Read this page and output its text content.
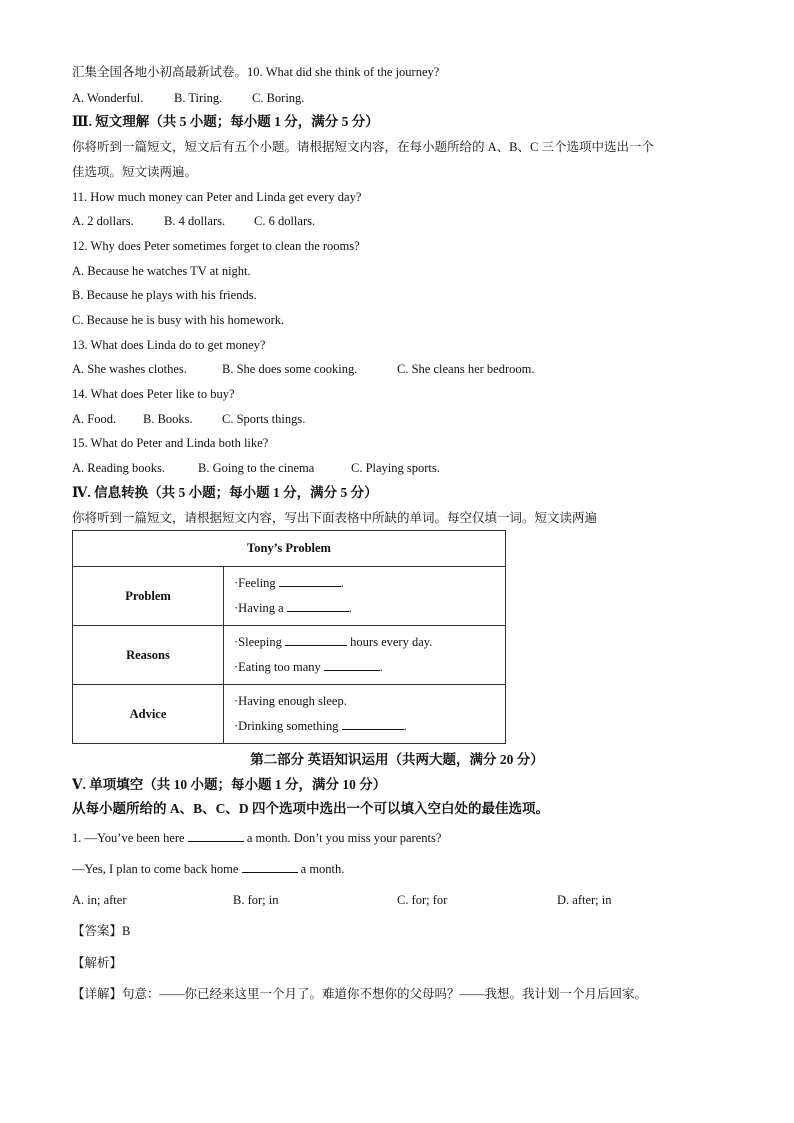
汇集全国各地小初高最新试卷。10. What did she think of the journey?
A. Wonderful. B. Tiring. C. Boring.
Ⅲ. 短文理解（共 5 小题；每小题 1 分，满分 5 分）
你将听到一篇短文，短文后有五个小题。请根据短文内容，在每小题所给的 A、B、C 三个选项中选出一个
佳选项。短文读两遍。
11. How much money can Peter and Linda get every day?
A. 2 dollars. B. 4 dollars. C. 6 dollars.
12. Why does Peter sometimes forget to clean the rooms?
A. Because he watches TV at night.
B. Because he plays with his friends.
C. Because he is busy with his homework.
13. What does Linda do to get money?
A. She washes clothes.	B. She does some cooking.	C. She cleans her bedroom.
14. What does Peter like to buy?
A. Food. B. Books. C. Sports things.
15. What do Peter and Linda both like?
A. Reading books.	B. Going to the cinema	C. Playing sports.
Ⅳ. 信息转换（共 5 小题；每小题 1 分，满分 5 分）
你将听到一篇短文，请根据短文内容，写出下面表格中所缺的单词。每空仅填一词。短文读两遍
Tony’s Problem	
Problem	·Feeling .
·Having a .

Reasons	·Sleeping hours every day.
·Eating too many .

Advice	·Having enough sleep.
·Drinking something .
第二部分 英语知识运用（共两大题，满分 20 分）
Ⅴ. 单项填空（共 10 小题；每小题 1 分，满分 10 分）
从每小题所给的 A、B、C、D 四个选项中选出一个可以填入空白处的最佳选项。
1. —You’ve been here	a month. Don’t you miss your parents?
—Yes, I plan to come back home	a month.
A. in; after	B. for; in	C. for; for	D. after; in
【答案】B
【解析】
【详解】句意：——你已经来这里一个月了。难道你不想你的父母吗？——我想。我计划一个月后回家。
